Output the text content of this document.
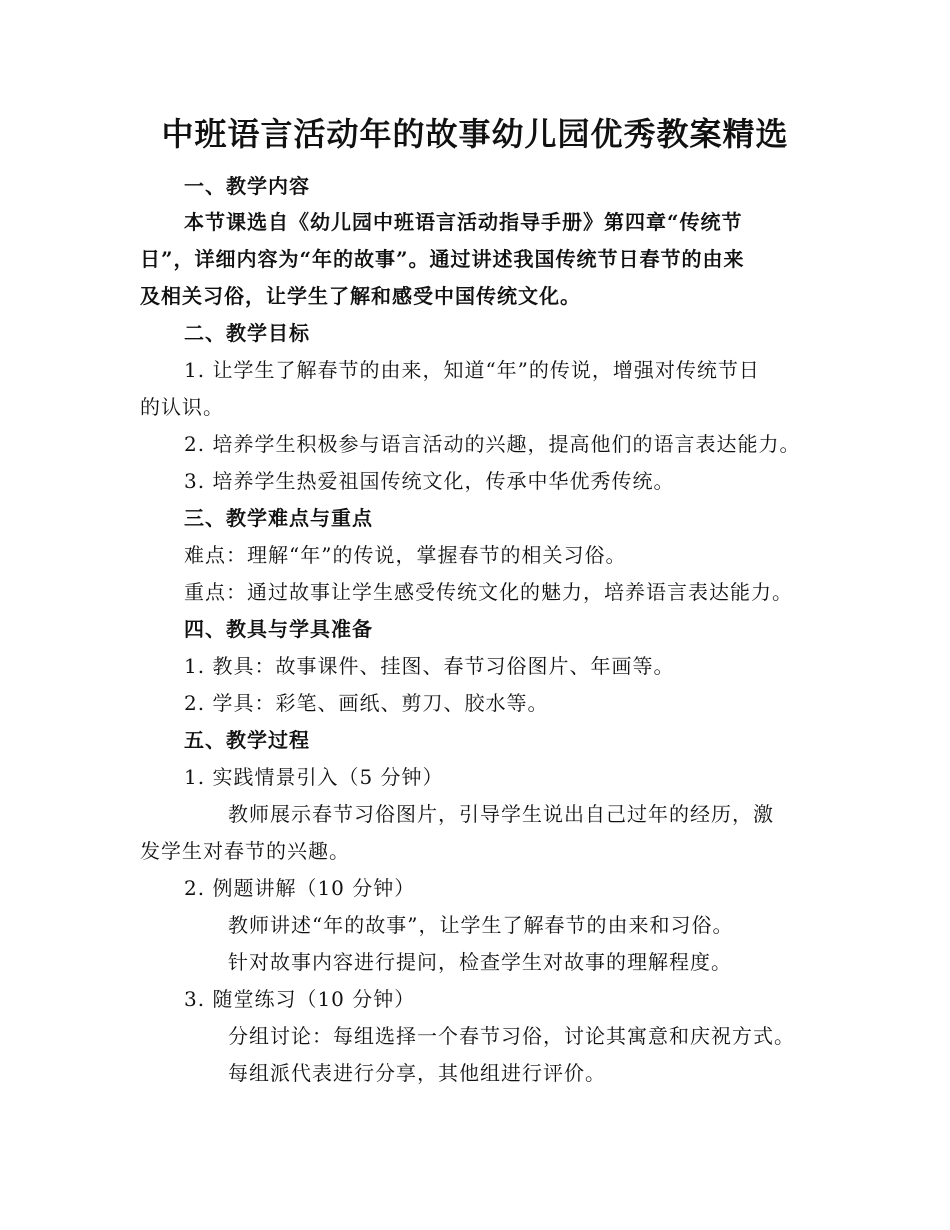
中班语言活动年的故事幼儿园优秀教案精选
一、教学内容
本节课选自《幼儿园中班语言活动指导手册》第四章“传统节
日”，详细内容为“年的故事”。通过讲述我国传统节日春节的由来
及相关习俗，让学生了解和感受中国传统文化。
二、教学目标
1. 让学生了解春节的由来，知道“年”的传说，增强对传统节日
的认识。
2. 培养学生积极参与语言活动的兴趣，提高他们的语言表达能力。
3. 培养学生热爱祖国传统文化，传承中华优秀传统。
三、教学难点与重点
难点：理解“年”的传说，掌握春节的相关习俗。
重点：通过故事让学生感受传统文化的魅力，培养语言表达能力。
四、教具与学具准备
1. 教具：故事课件、挂图、春节习俗图片、年画等。
2. 学具：彩笔、画纸、剪刀、胶水等。
五、教学过程
1. 实践情景引入（5 分钟）
教师展示春节习俗图片，引导学生说出自己过年的经历，激
发学生对春节的兴趣。
2. 例题讲解（10 分钟）
教师讲述“年的故事”，让学生了解春节的由来和习俗。
针对故事内容进行提问，检查学生对故事的理解程度。
3. 随堂练习（10 分钟）
分组讨论：每组选择一个春节习俗，讨论其寓意和庆祝方式。
每组派代表进行分享，其他组进行评价。
